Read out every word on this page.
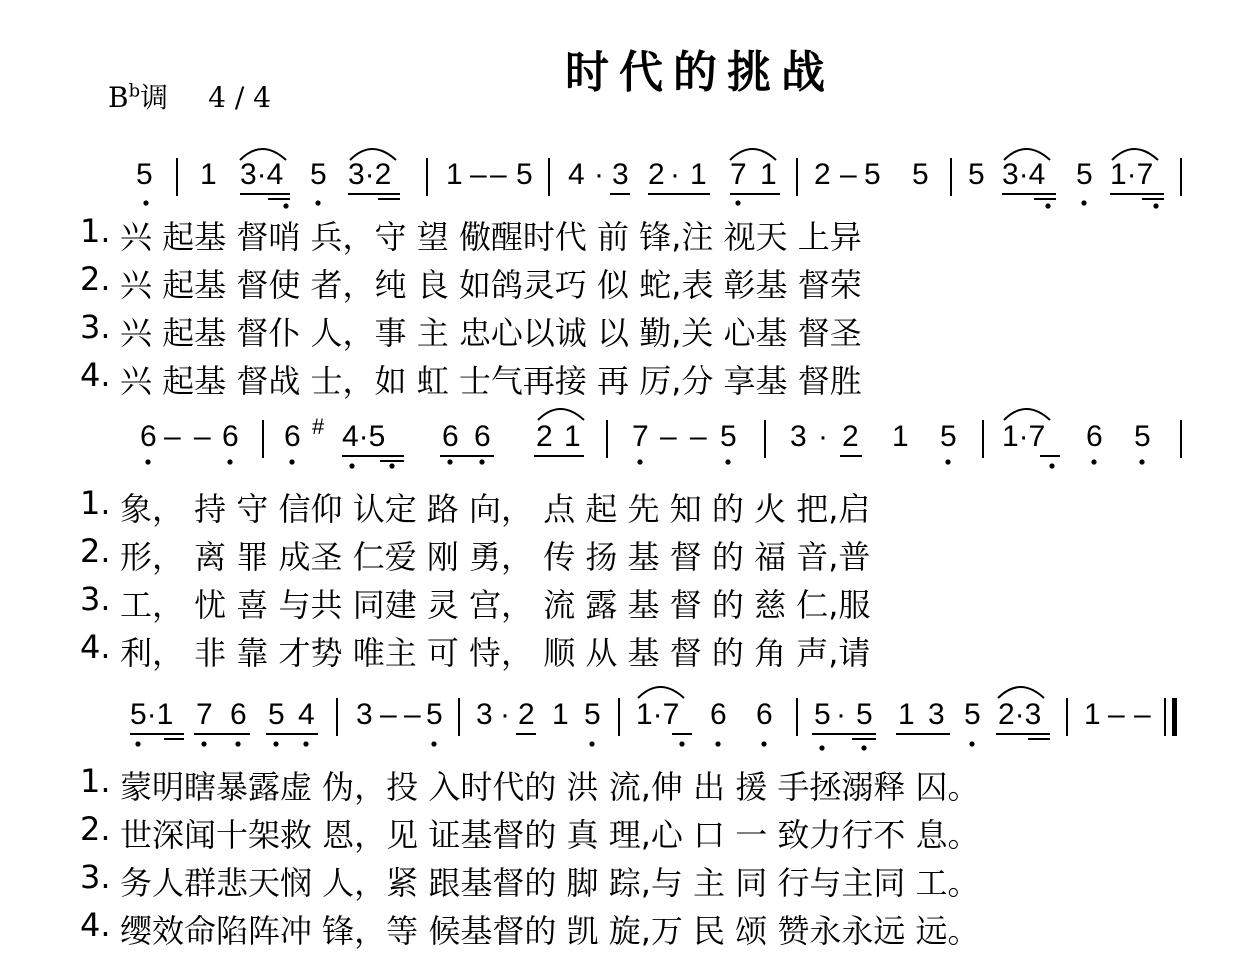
时代的挑战
$B^b$调 4 / 4
5 1 3·4 5 3·2 1 – – 5 4 · 3 2 · 1 7 1 2 – 5 5 5 3·4 5 1·7
1. 兴 起基 督哨 兵，守 望 儆醒时代 前 锋,注 视天 上异
2. 兴 起基 督使 者，纯 良 如鸽灵巧 似 蛇,表 彰基 督荣
3. 兴 起基 督仆 人，事 主 忠心以诚 以 勤,关 心基 督圣
4. 兴 起基 督战 士，如 虹 士气再接 再 厉,分 享基 督胜
6 – – 6 6 # 4·5 6 6 2 1 7 – – 5 3 · 2 1 5 1·7 6 5
1. 象， 持 守 信仰 认定 路 向， 点 起 先 知 的 火 把,启
2. 形， 离 罪 成圣 仁爱 刚 勇， 传 扬 基 督 的 福 音,普
3. 工， 忧 喜 与共 同建 灵 宫， 流 露 基 督 的 慈 仁,服
4. 利， 非 靠 才势 唯主 可 恃， 顺 从 基 督 的 角 声,请
5·1 7 6 5 4 3 – – 5 3 · 2 1 5 1·7 6 6 5 · 5 1 3 5 2·3 1 – –
1. 蒙明瞎暴露虚 伪，投 入时代的 洪 流,伸 出 援 手拯溺释 囚。
2. 世深闻十架救 恩，见 证基督的 真 理,心 口 一 致力行不 息。
3. 务人群悲天悯 人，紧 跟基督的 脚 踪,与 主 同 行与主同 工。
4. 缨效命陷阵冲 锋，等 候基督的 凯 旋,万 民 颂 赞永永远 远。
